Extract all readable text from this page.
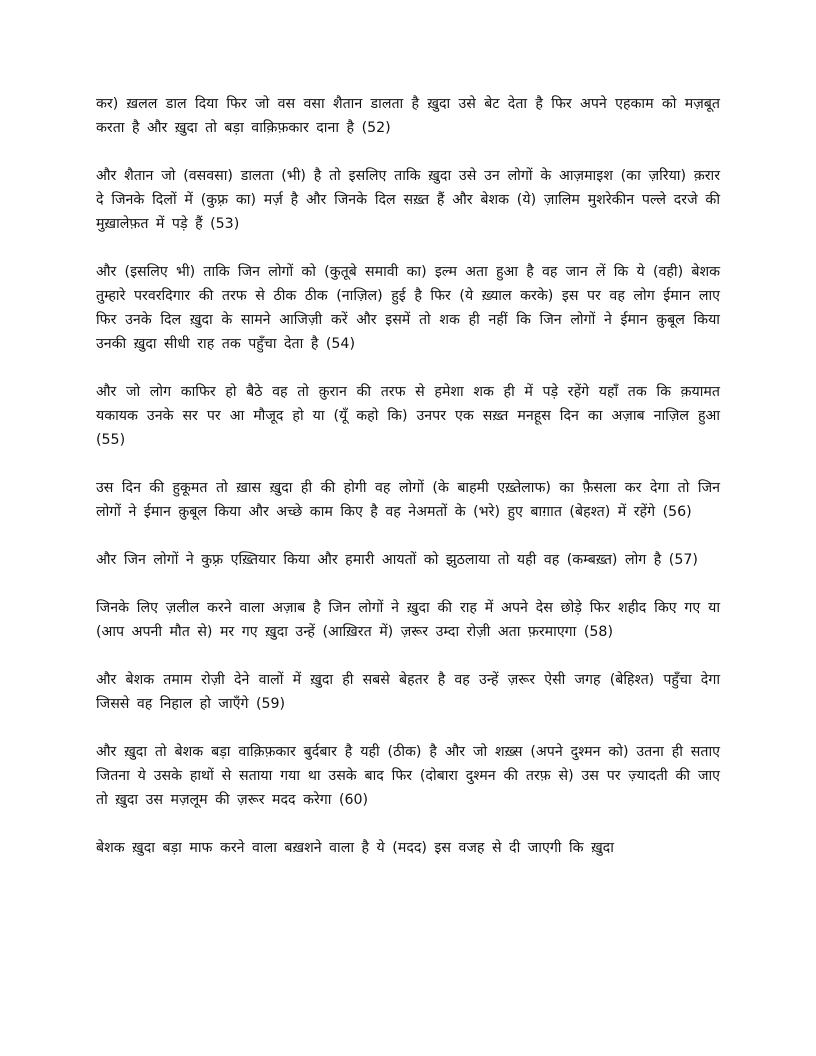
कर) ख़लल डाल दिया फिर जो वस वसा शैतान डालता है ख़ुदा उसे बेट देता है फिर अपने एहकाम को मज़बूत करता है और ख़ुदा तो बड़ा वाक़िफ़कार दाना है (52)

और शैतान जो (वसवसा) डालता (भी) है तो इसलिए ताकि ख़ुदा उसे उन लोगों के आज़माइश (का ज़रिया) क़रार दे जिनके दिलों में (कुफ़्र का) मर्ज़ है और जिनके दिल सख़्त हैं और बेशक (ये) ज़ालिम मुशरेकीन पल्ले दरजे की मुख़ालेफ़त में पड़े हैं (53)

और (इसलिए भी) ताकि जिन लोगों को (कुतूबे समावी का) इल्म अता हुआ है वह जान लें कि ये (वही) बेशक तुम्हारे परवरदिगार की तरफ से ठीक ठीक (नाज़िल) हुई है फिर (ये ख़्याल करके) इस पर वह लोग ईमान लाए फिर उनके दिल ख़ुदा के सामने आजिज़ी करें और इसमें तो शक ही नहीं कि जिन लोगों ने ईमान क़ुबूल किया उनकी ख़ुदा सीधी राह तक पहुँचा देता है (54)

और जो लोग काफिर हो बैठे वह तो क़ुरान की तरफ से हमेशा शक ही में पड़े रहेंगे यहाँ तक कि क़यामत यकायक उनके सर पर आ मौजूद हो या (यूँ कहो कि) उनपर एक सख़्त मनहूस दिन का अज़ाब नाज़िल हुआ (55)

उस दिन की हुकूमत तो ख़ास ख़ुदा ही की होगी वह लोगों (के बाहमी एख़्तेलाफ) का फ़ैसला कर देगा तो जिन लोगों ने ईमान क़ुबूल किया और अच्छे काम किए है वह नेअमतों के (भरे) हुए बाग़ात (बेहश्त) में रहेंगे (56)

और जिन लोगों ने कुफ़्र एख़्तियार किया और हमारी आयतों को झुठलाया तो यही वह (कम्बख़्त) लोग है (57)

जिनके लिए ज़लील करने वाला अज़ाब है जिन लोगों ने ख़ुदा की राह में अपने देस छोड़े फिर शहीद किए गए या (आप अपनी मौत से) मर गए ख़ुदा उन्हें (आख़िरत में) ज़रूर उम्दा रोज़ी अता फ़रमाएगा (58)

और बेशक तमाम रोज़ी देने वालों में ख़ुदा ही सबसे बेहतर है वह उन्हें ज़रूर ऐसी जगह (बेहिश्त) पहुँचा देगा जिससे वह निहाल हो जाएँगे (59)

और ख़ुदा तो बेशक बड़ा वाक़िफ़कार बुर्दबार है यही (ठीक) है और जो शख़्स (अपने दुश्मन को) उतना ही सताए जितना ये उसके हाथों से सताया गया था उसके बाद फिर (दोबारा दुश्मन की तरफ़ से) उस पर ज़्यादती की जाए तो ख़ुदा उस मज़लूम की ज़रूर मदद करेगा (60)

बेशक ख़ुदा बड़ा माफ करने वाला बख़शने वाला है ये (मदद) इस वजह से दी जाएगी कि ख़ुदा
